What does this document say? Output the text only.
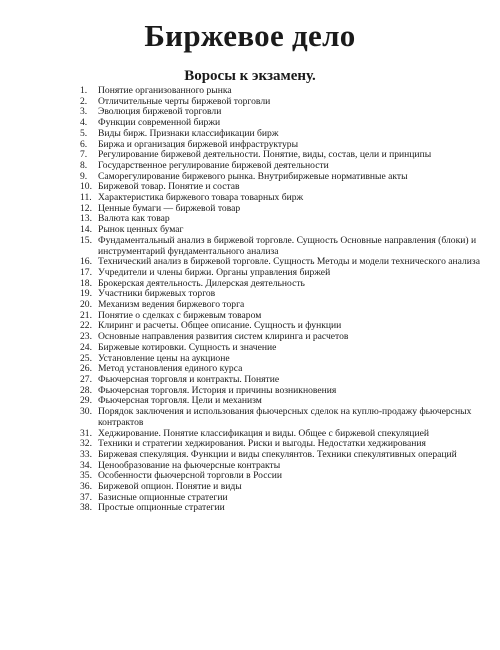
Биржевое дело
Воросы к экзамену.
1.	Понятие организованного рынка
2.	Отличительные черты биржевой торговли
3.	Эволюция биржевой торговли
4.	Функции современной биржи
5.	Виды бирж. Признаки классификации бирж
6.	Биржа и организация биржевой инфраструктуры
7.	Регулирование биржевой деятельности. Понятие, виды, состав, цели и принципы
8.	Государственное регулирование биржевой деятельности
9.	Саморегулирование биржевого рынка. Внутрибиржевые нормативные акты
10. Биржевой товар. Понятие и состав
11. Характеристика биржевого товара товарных бирж
12. Ценные бумаги — биржевой товар
13. Валюта как товар
14. Рынок ценных бумаг
15. Фундаментальный анализ в биржевой торговле. Сущность Основные направления (блоки) и инструментарий фундаментального анализа
16. Технический анализ в биржевой торговле. Сущность Методы и модели технического анализа
17. Учредители и члены биржи. Органы управления биржей
18. Брокерская деятельность. Дилерская деятельность
19. Участники биржевых торгов
20. Механизм ведения биржевого торга
21. Понятие о сделках с биржевым товаром
22. Клиринг и расчеты. Общее описание. Сущность и функции
23. Основные направления развития систем клиринга и расчетов
24. Биржевые котировки. Сущность и значение
25. Установление цены на аукционе
26. Метод установления единого курса
27. Фьючерсная торговля и контракты. Понятие
28. Фьючерсная торговля. История и причины возникновения
29. Фьючерсная торговля. Цели и механизм
30. Порядок заключения и использования фьючерсных сделок на куплю-продажу фьючерсных контрактов
31. Хеджирование. Понятие классификация и виды. Общее с биржевой спекуляцией
32. Техники и стратегии хеджирования. Риски и выгоды. Недостатки хеджирования
33. Биржевая спекуляция. Функции и виды спекулянтов. Техники спекулятивных операций
34. Ценообразование на фьючерсные контракты
35. Особенности фьючерсной торговли в России
36. Биржевой опцион. Понятие и виды
37. Базисные опционные стратегии
38. Простые опционные стратегии
